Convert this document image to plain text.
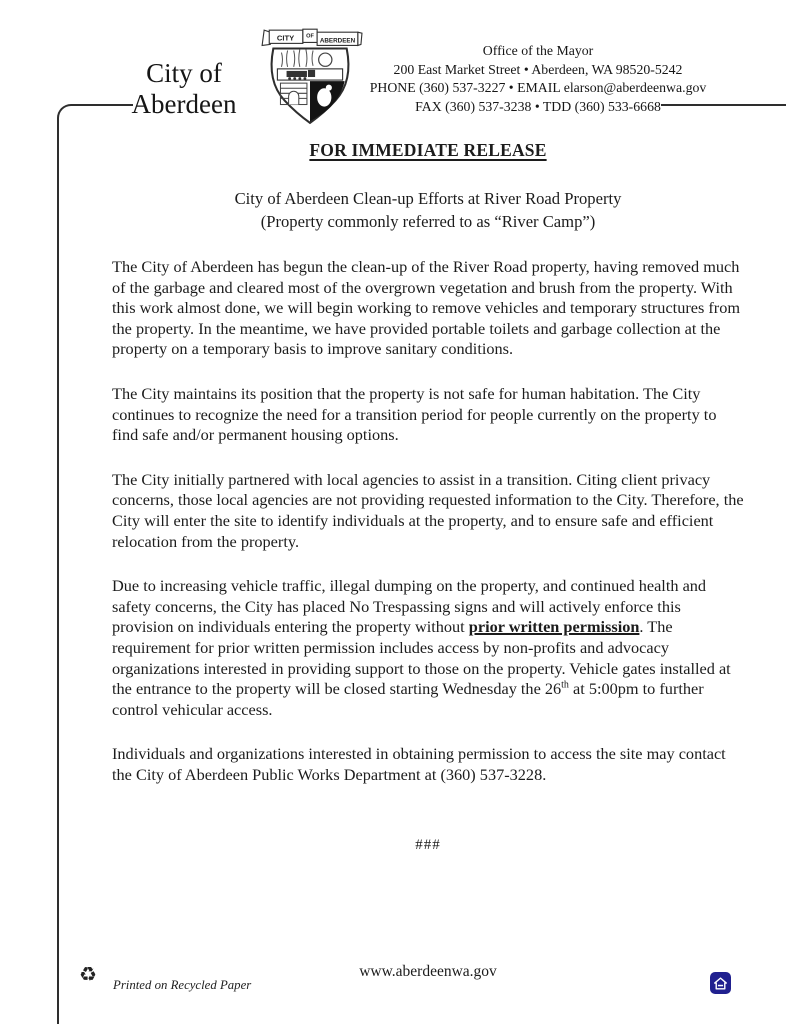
City of
Aberdeen
CITY OF
ABERDEEN
Office of the Mayor
200 East Market Street • Aberdeen, WA 98520-5242
PHONE (360) 537-3227 • EMAIL elarson@aberdeenwa.gov
FAX (360) 537-3238 • TDD (360) 533-6668
FOR IMMEDIATE RELEASE
City of Aberdeen Clean-up Efforts at River Road Property
(Property commonly referred to as “River Camp”)

The City of Aberdeen has begun the clean-up of the River Road property, having removed much of the garbage and cleared most of the overgrown vegetation and brush from the property. With this work almost done, we will begin working to remove vehicles and temporary structures from the property. In the meantime, we have provided portable toilets and garbage collection at the property on a temporary basis to improve sanitary conditions.

The City maintains its position that the property is not safe for human habitation. The City continues to recognize the need for a transition period for people currently on the property to find safe and/or permanent housing options.

The City initially partnered with local agencies to assist in a transition. Citing client privacy concerns, those local agencies are not providing requested information to the City. Therefore, the City will enter the site to identify individuals at the property, and to ensure safe and efficient relocation from the property.

Due to increasing vehicle traffic, illegal dumping on the property, and continued health and safety concerns, the City has placed No Trespassing signs and will actively enforce this provision on individuals entering the property without prior written permission. The requirement for prior written permission includes access by non-profits and advocacy organizations interested in providing support to those on the property. Vehicle gates installed at the entrance to the property will be closed starting Wednesday the 26th at 5:00pm to further control vehicular access.

Individuals and organizations interested in obtaining permission to access the site may contact the City of Aberdeen Public Works Department at (360) 537-3228.

###
♻ Printed on Recycled Paper
www.aberdeenwa.gov
